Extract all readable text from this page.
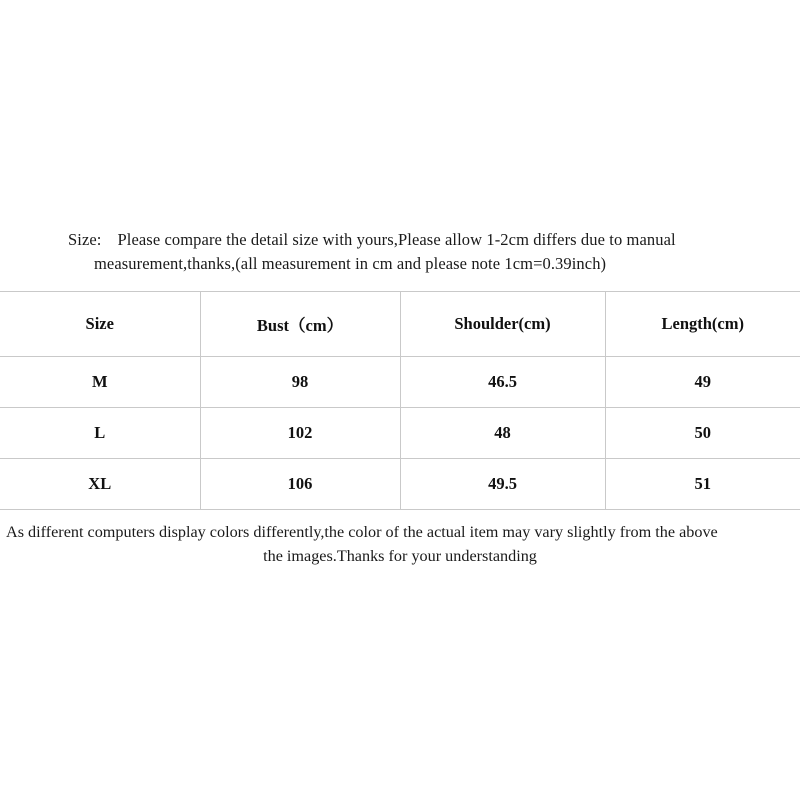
Size: Please compare the detail size with yours,Please allow 1-2cm differs due to manual
measurement,thanks,(all measurement in cm and please note 1cm=0.39inch)
Size	Bust（cm）	Shoulder(cm)	Length(cm)
M	98	46.5	49
L	102	48	50
XL	106	49.5	51
As different computers display colors differently,the color of the actual item may vary slightly from the above
the images.Thanks for your understanding
